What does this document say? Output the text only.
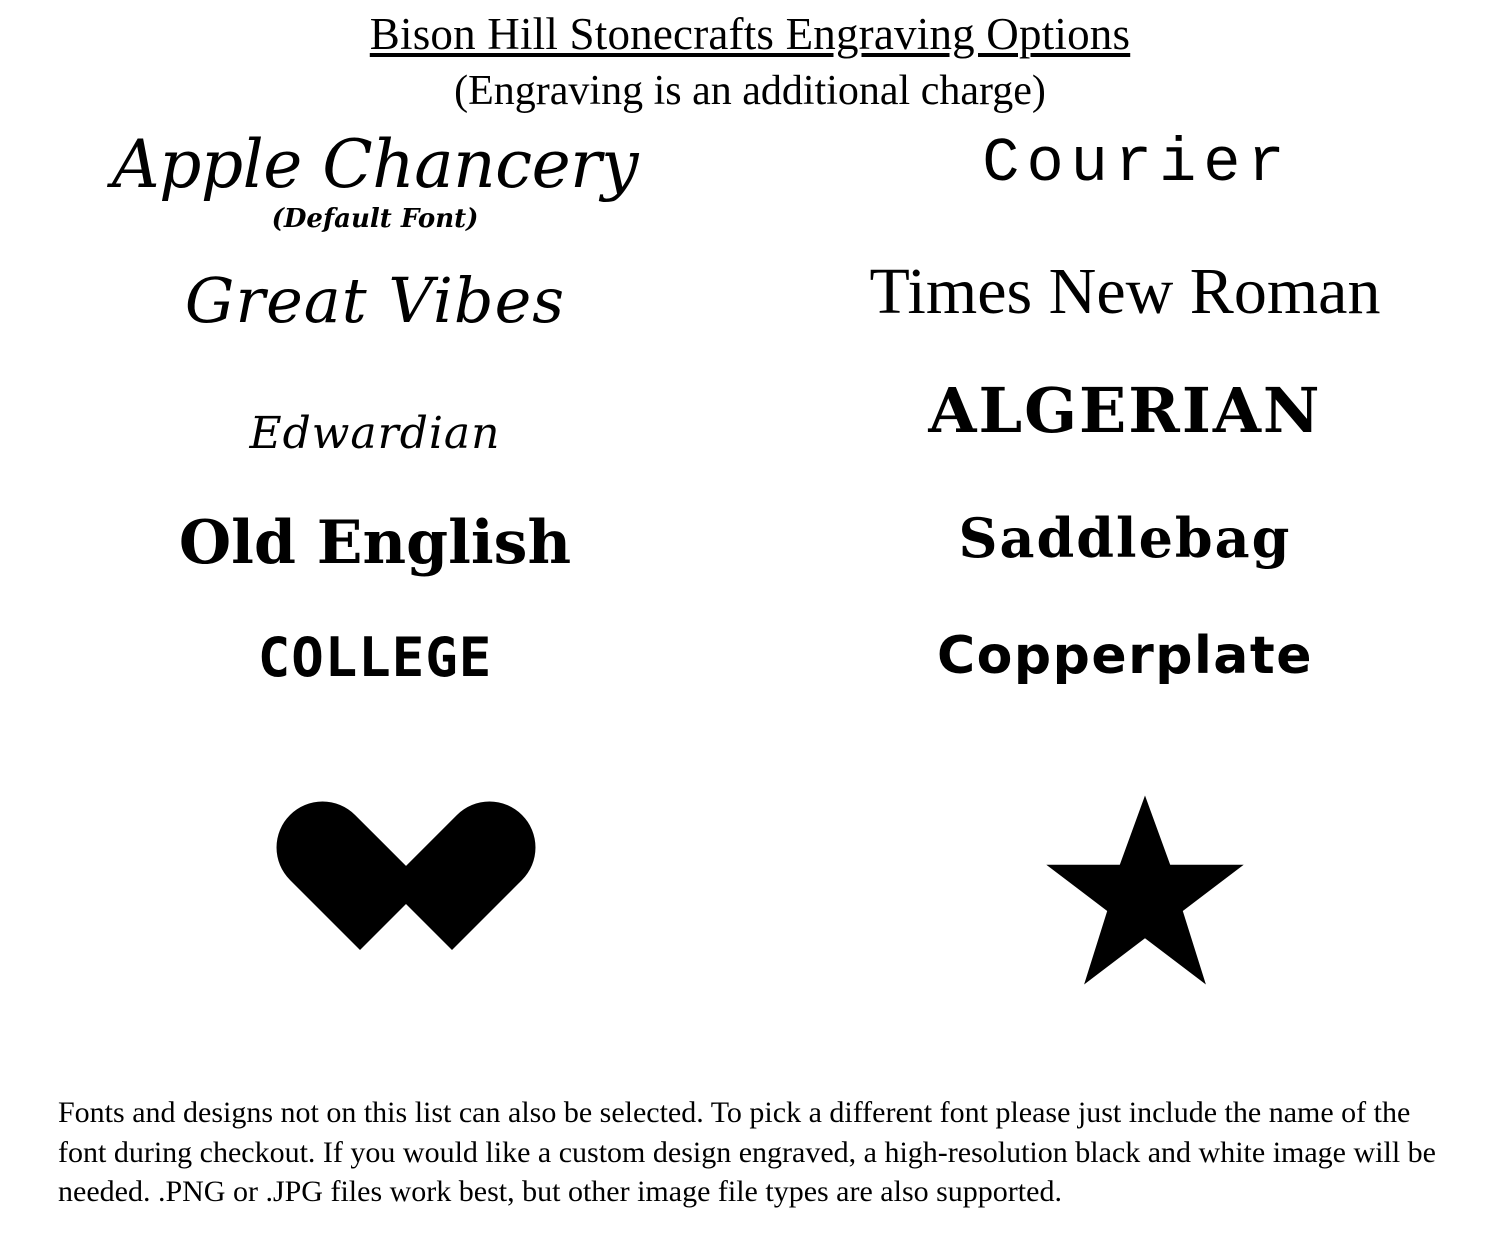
Bison Hill Stonecrafts Engraving Options
(Engraving is an additional charge)
Apple Chancery
(Default Font)
Great Vibes
Edwardian
Old English
COLLEGE
Courier
Times New Roman
ALGERIAN
Saddlebag
Copperplate
Fonts and designs not on this list can also be selected. To pick a different font please just include the name of the font during checkout. If you would like a custom design engraved, a high-resolution black and white image will be needed. .PNG or .JPG files work best, but other image file types are also supported.
